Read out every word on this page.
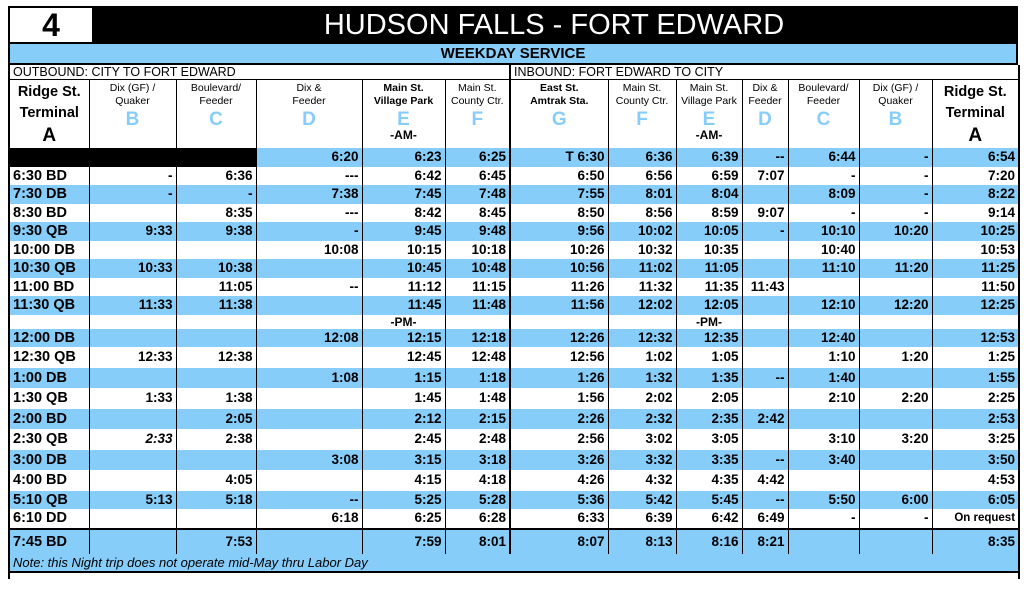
4	HUDSON FALLS - FORT EDWARD
WEEKDAY SERVICE
OUTBOUND: CITY TO FORT EDWARD						INBOUND: FORT EDWARD TO CITY						
Ridge St.
Terminal
A	Dix (GF) /
Quaker
B	Boulevard/
Feeder
C	Dix &
Feeder
D	Main St.
Village Park
E
-AM-	Main St.
County Ctr.
F	East St.
Amtrak Sta.
G	Main St.
County Ctr.
F	Main St.
Village Park
E
-AM-	Dix &
Feeder
D	Boulevard/
Feeder
C	Dix (GF) /
Quaker
B	Ridge St.
Terminal
A

			6:20	6:23	6:25	T 6:30	6:36	6:39	--	6:44	-	6:54
6:30 BD	-	6:36	---	6:42	6:45	6:50	6:56	6:59	7:07	-	-	7:20
7:30 DB	-	-	7:38	7:45	7:48	7:55	8:01	8:04		8:09	-	8:22
8:30 BD		8:35	---	8:42	8:45	8:50	8:56	8:59	9:07	-	-	9:14
9:30 QB	9:33	9:38	-	9:45	9:48	9:56	10:02	10:05	-	10:10	10:20	10:25
10:00 DB			10:08	10:15	10:18	10:26	10:32	10:35		10:40		10:53
10:30 QB	10:33	10:38		10:45	10:48	10:56	11:02	11:05		11:10	11:20	11:25
11:00 BD		11:05	--	11:12	11:15	11:26	11:32	11:35	11:43			11:50
11:30 QB	11:33	11:38		11:45	11:48	11:56	12:02	12:05		12:10	12:20	12:25
				-PM-				-PM-				
12:00 DB			12:08	12:15	12:18	12:26	12:32	12:35		12:40		12:53
12:30 QB	12:33	12:38		12:45	12:48	12:56	1:02	1:05		1:10	1:20	1:25
1:00 DB			1:08	1:15	1:18	1:26	1:32	1:35	--	1:40		1:55
1:30 QB	1:33	1:38		1:45	1:48	1:56	2:02	2:05		2:10	2:20	2:25
2:00 BD		2:05		2:12	2:15	2:26	2:32	2:35	2:42			2:53
2:30 QB	2:33	2:38		2:45	2:48	2:56	3:02	3:05		3:10	3:20	3:25
3:00 DB			3:08	3:15	3:18	3:26	3:32	3:35	--	3:40		3:50
4:00 BD		4:05		4:15	4:18	4:26	4:32	4:35	4:42			4:53
5:10 QB	5:13	5:18	--	5:25	5:28	5:36	5:42	5:45	--	5:50	6:00	6:05
6:10 DD			6:18	6:25	6:28	6:33	6:39	6:42	6:49	-	-	On request
7:45 BD		7:53		7:59	8:01	8:07	8:13	8:16	8:21			8:35
Note: this Night trip does not operate mid-May thru Labor Day												
